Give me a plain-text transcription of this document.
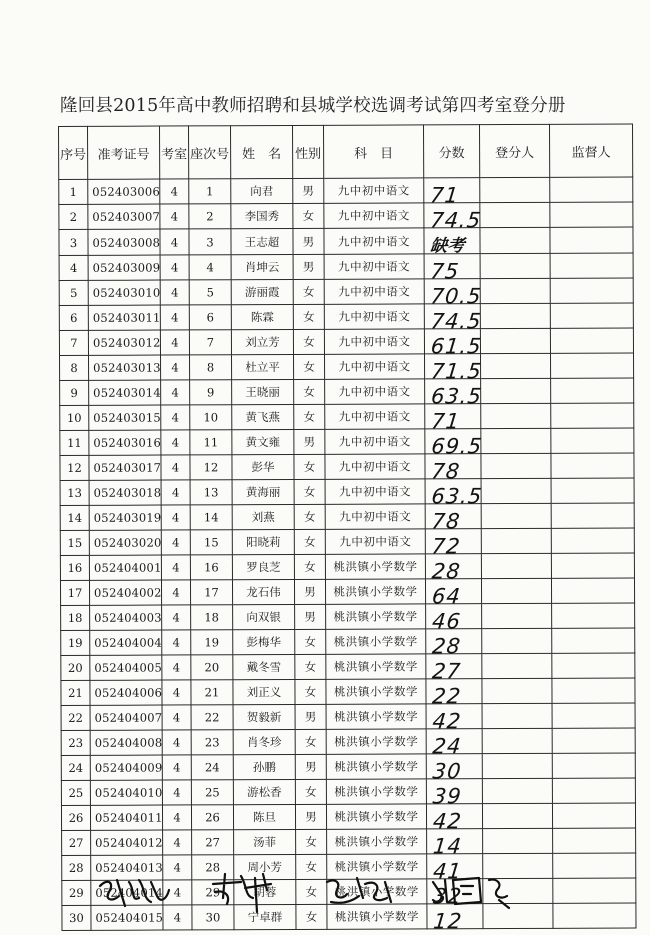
隆回县2015年高中教师招聘和县城学校选调考试第四考室登分册
序号	准考证号	考室	座次号	姓　名	性别	科　目	分数	登分人	监督人
1	052403006	4	1	向君	男	九中初中语文	71		
2	052403007	4	2	李国秀	女	九中初中语文	74.5		
3	052403008	4	3	王志超	男	九中初中语文	缺考		
4	052403009	4	4	肖坤云	男	九中初中语文	75		
5	052403010	4	5	游丽霞	女	九中初中语文	70.5		
6	052403011	4	6	陈霖	女	九中初中语文	74.5		
7	052403012	4	7	刘立芳	女	九中初中语文	61.5		
8	052403013	4	8	杜立平	女	九中初中语文	71.5		
9	052403014	4	9	王晓丽	女	九中初中语文	63.5		
10	052403015	4	10	黄飞燕	女	九中初中语文	71		
11	052403016	4	11	黄文雍	男	九中初中语文	69.5		
12	052403017	4	12	彭华	女	九中初中语文	78		
13	052403018	4	13	黄海丽	女	九中初中语文	63.5		
14	052403019	4	14	刘燕	女	九中初中语文	78		
15	052403020	4	15	阳晓莉	女	九中初中语文	72		
16	052404001	4	16	罗良芝	女	桃洪镇小学数学	28		
17	052404002	4	17	龙石伟	男	桃洪镇小学数学	64		
18	052404003	4	18	向双银	男	桃洪镇小学数学	46		
19	052404004	4	19	彭梅华	女	桃洪镇小学数学	28		
20	052404005	4	20	戴冬雪	女	桃洪镇小学数学	27		
21	052404006	4	21	刘正义	女	桃洪镇小学数学	22		
22	052404007	4	22	贺毅新	男	桃洪镇小学数学	42		
23	052404008	4	23	肖冬珍	女	桃洪镇小学数学	24		
24	052404009	4	24	孙鹏	男	桃洪镇小学数学	30		
25	052404010	4	25	游松香	女	桃洪镇小学数学	39		
26	052404011	4	26	陈旦	男	桃洪镇小学数学	42		
27	052404012	4	27	汤菲	女	桃洪镇小学数学	14		
28	052404013	4	28	周小芳	女	桃洪镇小学数学	41		
29	052404014	4	29	胡蓉	女	桃洪镇小学数学	32		
30	052404015	4	30	宁卓群	女	桃洪镇小学数学	12		
